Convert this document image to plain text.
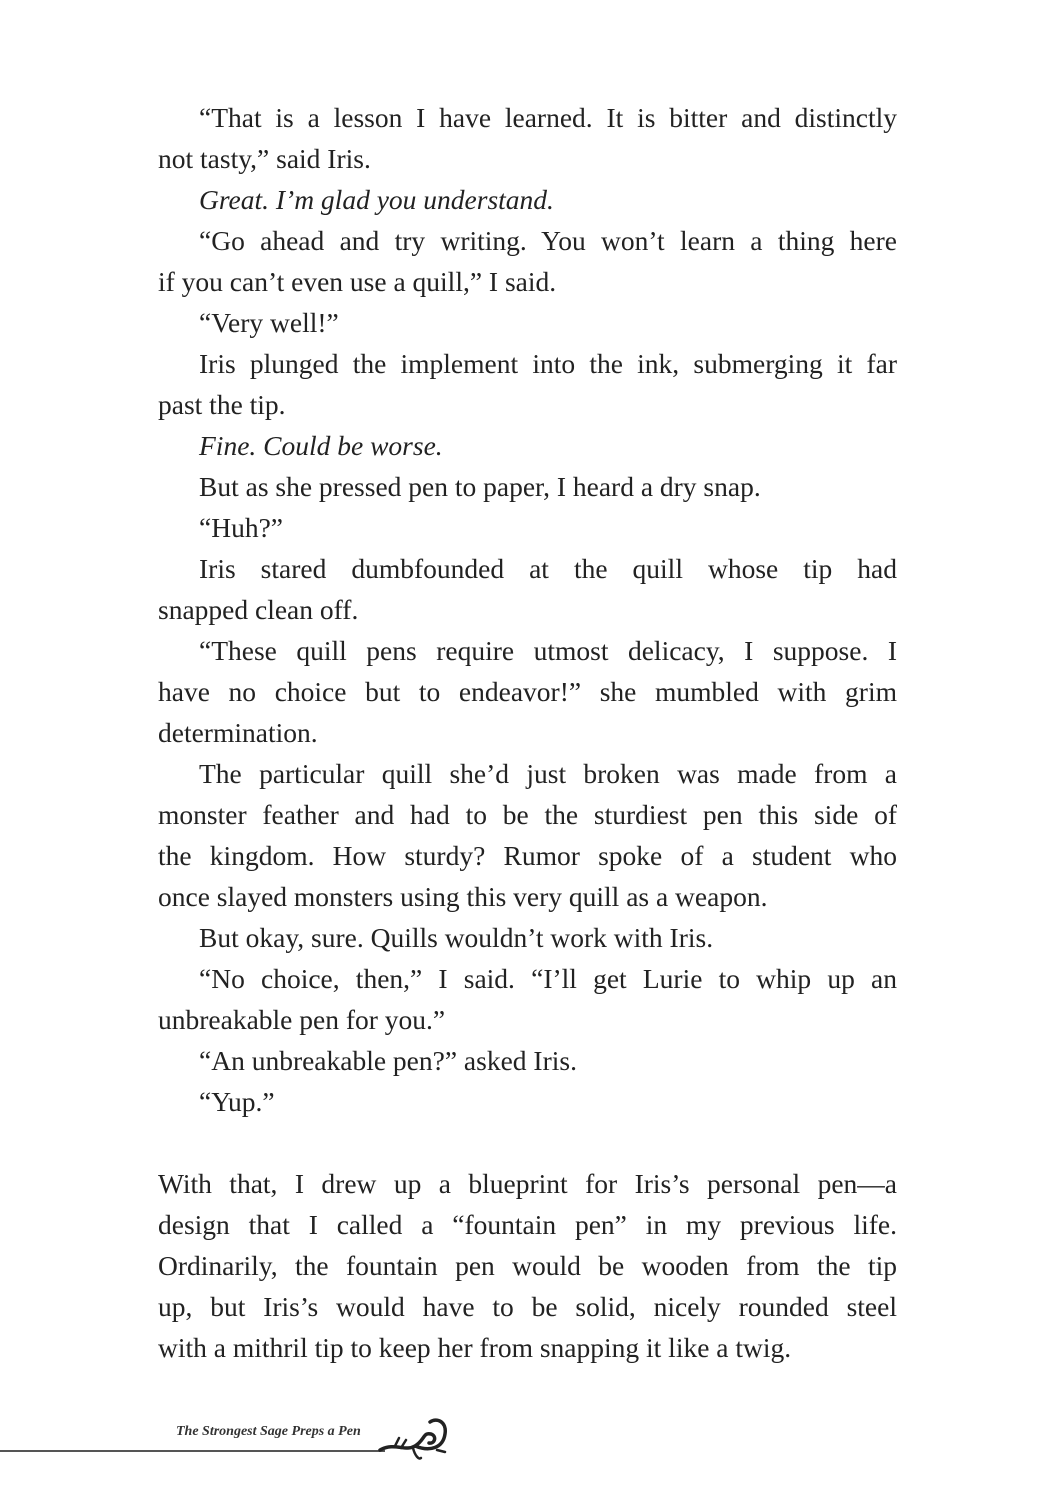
“That is a lesson I have learned. It is bitter and distinctly
not tasty,” said Iris.
Great. I’m glad you understand.
“Go ahead and try writing. You won’t learn a thing here
if you can’t even use a quill,” I said.
“Very well!”
Iris plunged the implement into the ink, submerging it far
past the tip.
Fine. Could be worse.
But as she pressed pen to paper, I heard a dry snap.
“Huh?”
Iris stared dumbfounded at the quill whose tip had
snapped clean off.
“These quill pens require utmost delicacy, I suppose. I
have no choice but to endeavor!” she mumbled with grim
determination.
The particular quill she’d just broken was made from a
monster feather and had to be the sturdiest pen this side of
the kingdom. How sturdy? Rumor spoke of a student who
once slayed monsters using this very quill as a weapon.
But okay, sure. Quills wouldn’t work with Iris.
“No choice, then,” I said. “I’ll get Lurie to whip up an
unbreakable pen for you.”
“An unbreakable pen?” asked Iris.
“Yup.”
With that, I drew up a blueprint for Iris’s personal pen—a
design that I called a “fountain pen” in my previous life.
Ordinarily, the fountain pen would be wooden from the tip
up, but Iris’s would have to be solid, nicely rounded steel
with a mithril tip to keep her from snapping it like a twig.
The Strongest Sage Preps a Pen
